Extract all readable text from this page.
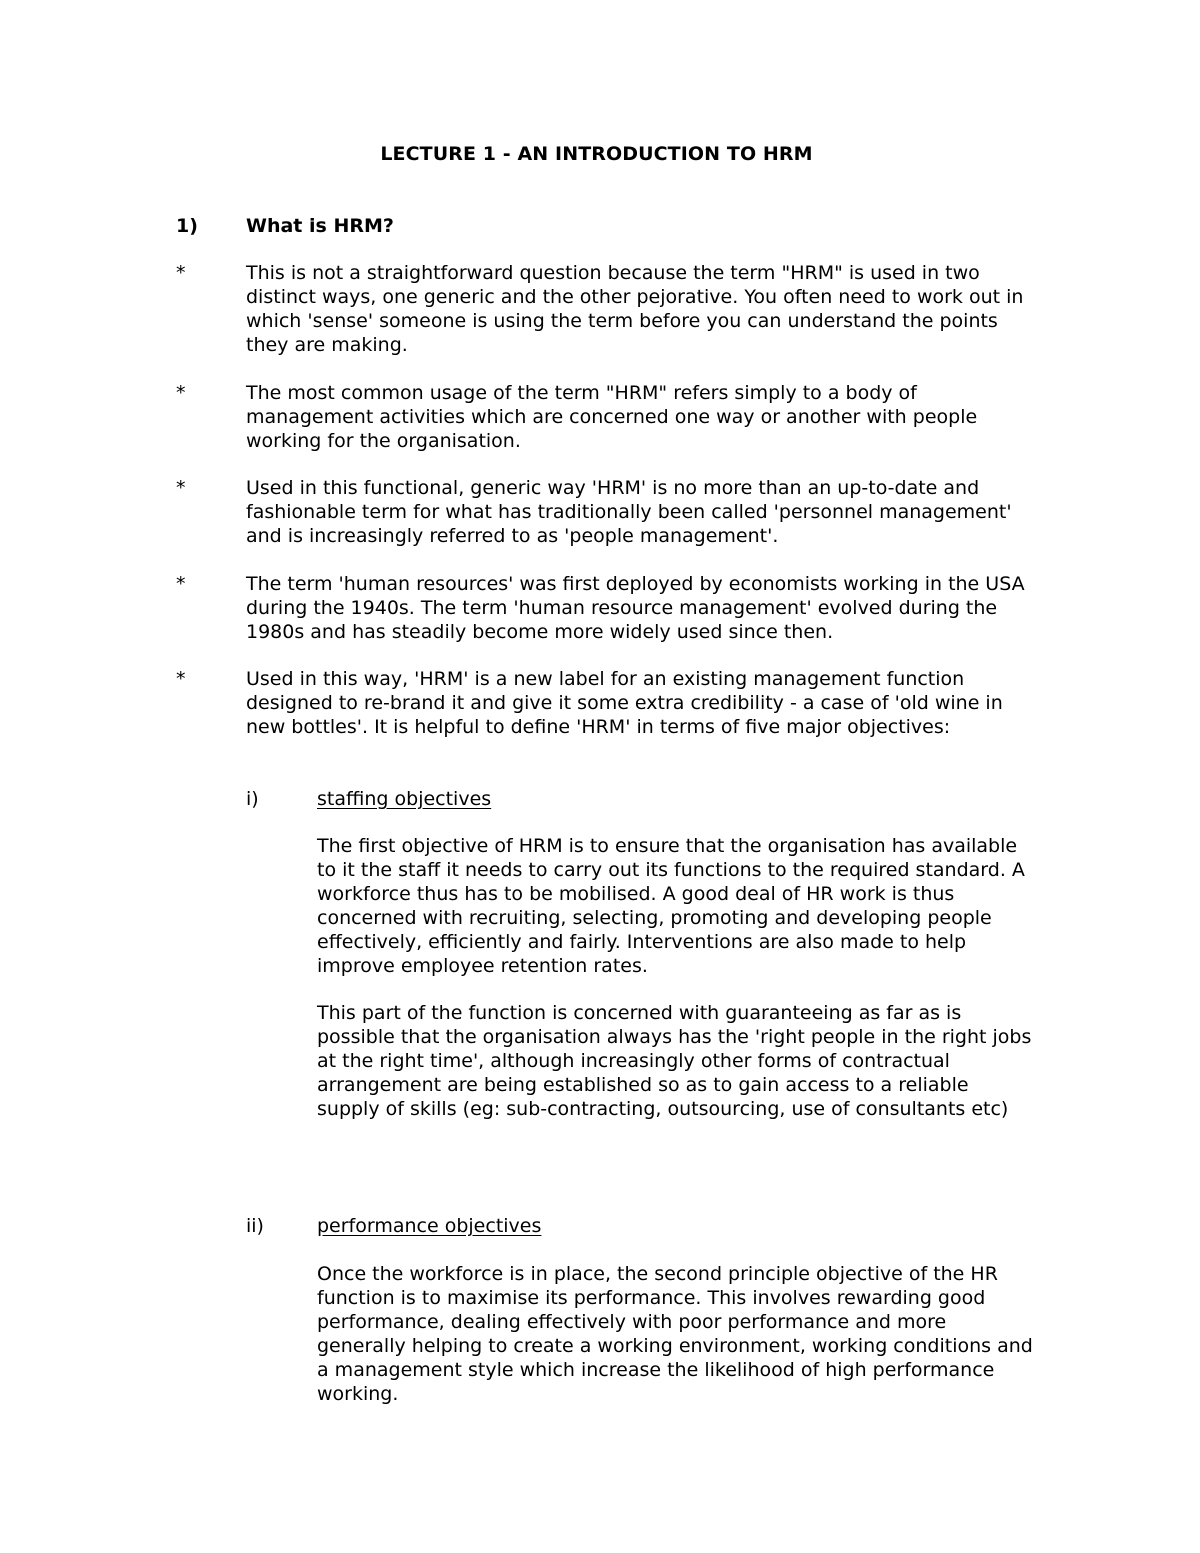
LECTURE 1 - AN INTRODUCTION TO HRM
1)	What is HRM?
*	This is not a straightforward question because the term "HRM" is used in two distinct ways, one generic and the other pejorative. You often need to work out in which 'sense' someone is using the term before you can understand the points they are making.

*	The most common usage of the term "HRM" refers simply to a body of management activities which are concerned one way or another with people working for the organisation.

*	Used in this functional, generic way 'HRM' is no more than an up-to-date and fashionable term for what has traditionally been called 'personnel management' and is increasingly referred to as 'people management'.

*	The term 'human resources' was first deployed by economists working in the USA during the 1940s. The term 'human resource management' evolved during the 1980s and has steadily become more widely used since then.

*	Used in this way, 'HRM' is a new label for an existing management function designed to re-brand it and give it some extra credibility - a case of 'old wine in new bottles'. It is helpful to define 'HRM' in terms of five major objectives:

i)	staffing objectives

The first objective of HRM is to ensure that the organisation has available to it the staff it needs to carry out its functions to the required standard. A workforce thus has to be mobilised. A good deal of HR work is thus concerned with recruiting, selecting, promoting and developing people effectively, efficiently and fairly. Interventions are also made to help improve employee retention rates.

This part of the function is concerned with guaranteeing as far as is possible that the organisation always has the 'right people in the right jobs at the right time', although increasingly other forms of contractual arrangement are being established so as to gain access to a reliable supply of skills (eg: sub-contracting, outsourcing, use of consultants etc)

ii)	performance objectives

Once the workforce is in place, the second principle objective of the HR function is to maximise its performance. This involves rewarding good performance, dealing effectively with poor performance and more generally helping to create a working environment, working conditions and a management style which increase the likelihood of high performance working.
